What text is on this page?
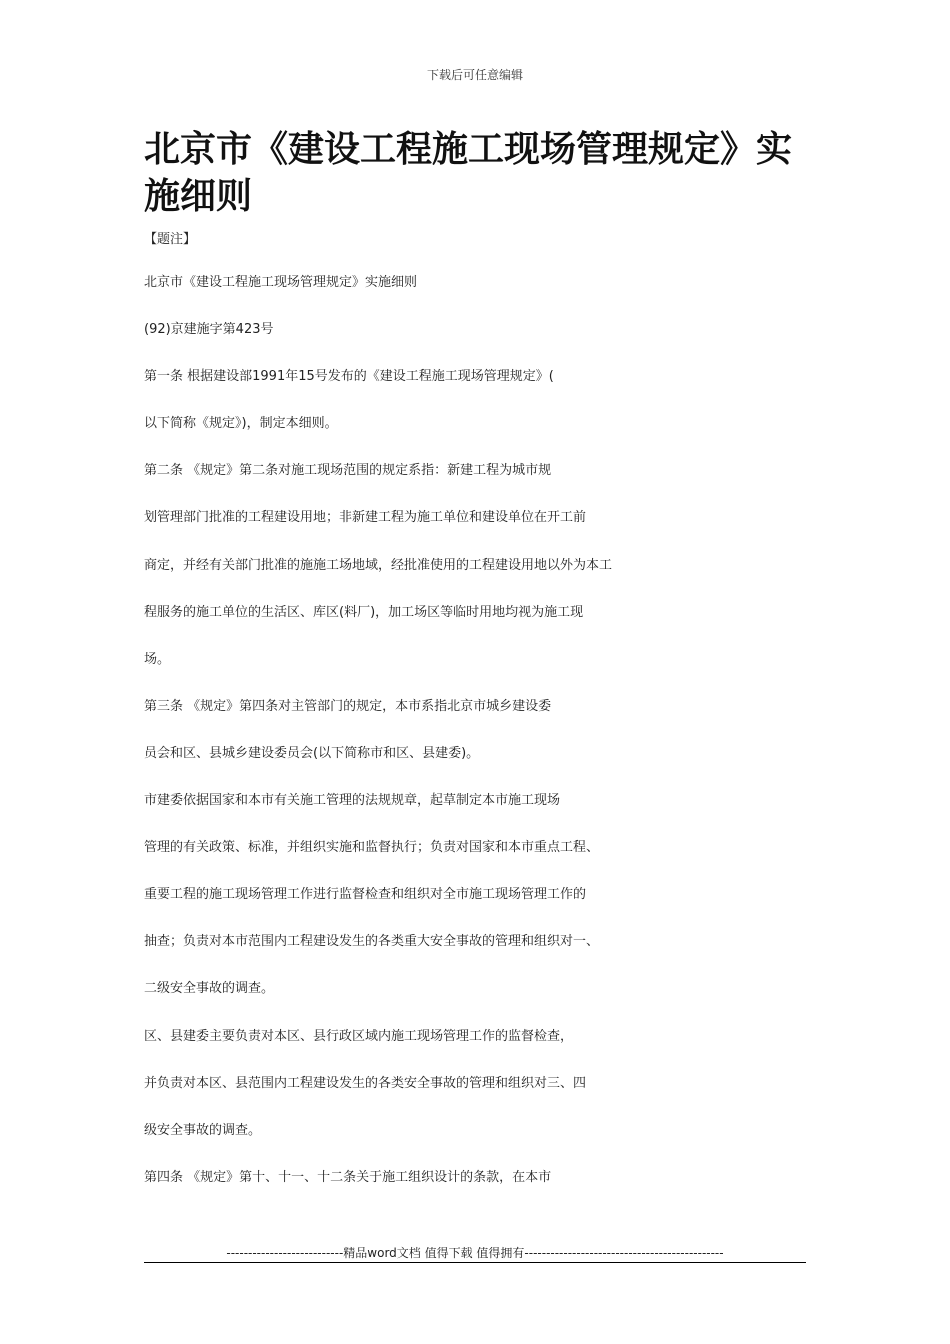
下载后可任意编辑
北京市《建设工程施工现场管理规定》实施细则
【题注】
北京市《建设工程施工现场管理规定》实施细则
(92)京建施字第423号
第一条 根据建设部1991年15号发布的《建设工程施工现场管理规定》(
以下简称《规定》)，制定本细则。
第二条 《规定》第二条对施工现场范围的规定系指：新建工程为城市规
划管理部门批准的工程建设用地；非新建工程为施工单位和建设单位在开工前
商定，并经有关部门批准的施施工场地域，经批准使用的工程建设用地以外为本工
程服务的施工单位的生活区、库区(料厂)，加工场区等临时用地均视为施工现
场。
第三条 《规定》第四条对主管部门的规定，本市系指北京市城乡建设委
员会和区、县城乡建设委员会(以下简称市和区、县建委)。
市建委依据国家和本市有关施工管理的法规规章，起草制定本市施工现场
管理的有关政策、标准，并组织实施和监督执行；负责对国家和本市重点工程、
重要工程的施工现场管理工作进行监督检查和组织对全市施工现场管理工作的
抽查；负责对本市范围内工程建设发生的各类重大安全事故的管理和组织对一、
二级安全事故的调查。
区、县建委主要负责对本区、县行政区域内施工现场管理工作的监督检查，
并负责对本区、县范围内工程建设发生的各类安全事故的管理和组织对三、四
级安全事故的调查。
第四条 《规定》第十、十一、十二条关于施工组织设计的条款，在本市
---------------------------精品word文档 值得下载 值得拥有----------------------------------------------
